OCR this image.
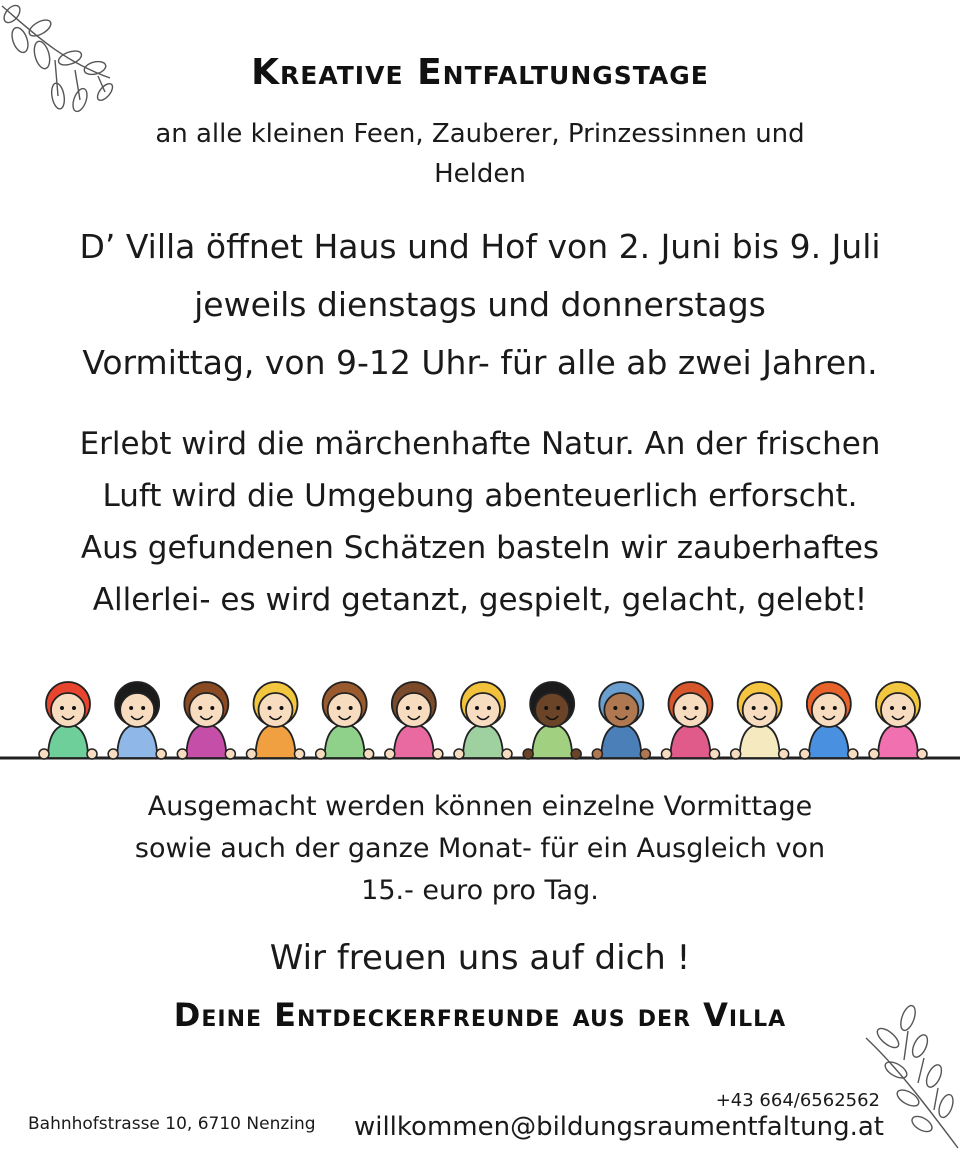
Kreative Entfaltungstage
an alle kleinen Feen, Zauberer, Prinzessinnen und
Helden
D’ Villa öffnet Haus und Hof von 2. Juni bis 9. Juli
jeweils dienstags und donnerstags
Vormittag, von 9-12 Uhr- für alle ab zwei Jahren.
Erlebt wird die märchenhafte Natur. An der frischen
Luft wird die Umgebung abenteuerlich erforscht.
Aus gefundenen Schätzen basteln wir zauberhaftes
Allerlei- es wird getanzt, gespielt, gelacht, gelebt!
Ausgemacht werden können einzelne Vormittage
sowie auch der ganze Monat- für ein Ausgleich von
15.- euro pro Tag.
Wir freuen uns auf dich !
Deine Entdeckerfreunde aus der Villa
Bahnhofstrasse 10, 6710 Nenzing
+43 664/6562562
willkommen@bildungsraumentfaltung.at
